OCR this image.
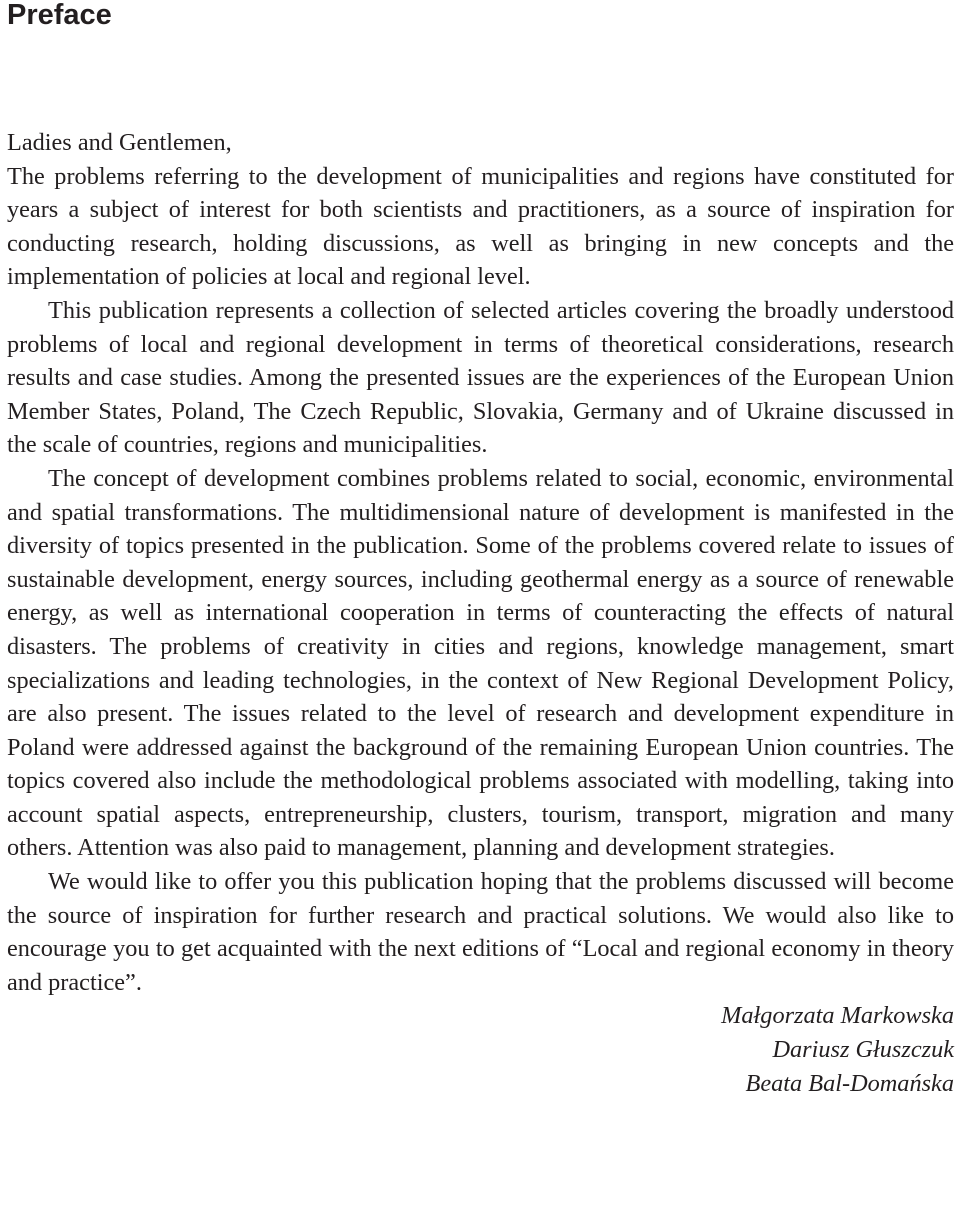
Preface

Ladies and Gentlemen,

The problems referring to the development of municipalities and regions have constituted for years a subject of interest for both scientists and practitioners, as a source of inspiration for conducting research, holding discussions, as well as bringing in new concepts and the implementation of policies at local and regional level.

This publication represents a collection of selected articles covering the broadly understood problems of local and regional development in terms of theoretical considerations, research results and case studies. Among the presented issues are the experiences of the European Union Member States, Poland, The Czech Republic, Slovakia, Germany and of Ukraine discussed in the scale of countries, regions and municipalities.

The concept of development combines problems related to social, economic, environmental and spatial transformations. The multidimensional nature of development is manifested in the diversity of topics presented in the publication. Some of the problems covered relate to issues of sustainable development, energy sources, including geothermal energy as a source of renewable energy, as well as international cooperation in terms of counteracting the effects of natural disasters. The problems of creativity in cities and regions, knowledge management, smart specializations and leading technologies, in the context of New Regional Development Policy, are also present. The issues related to the level of research and development expenditure in Poland were addressed against the background of the remaining European Union countries. The topics covered also include the methodological problems associated with modelling, taking into account spatial aspects, entrepreneurship, clusters, tourism, transport, migration and many others. Attention was also paid to management, planning and development strategies.

We would like to offer you this publication hoping that the problems discussed will become the source of inspiration for further research and practical solutions. We would also like to encourage you to get acquainted with the next editions of “Local and regional economy in theory and practice”.

Małgorzata Markowska
Dariusz Głuszczuk
Beata Bal-Domańska
